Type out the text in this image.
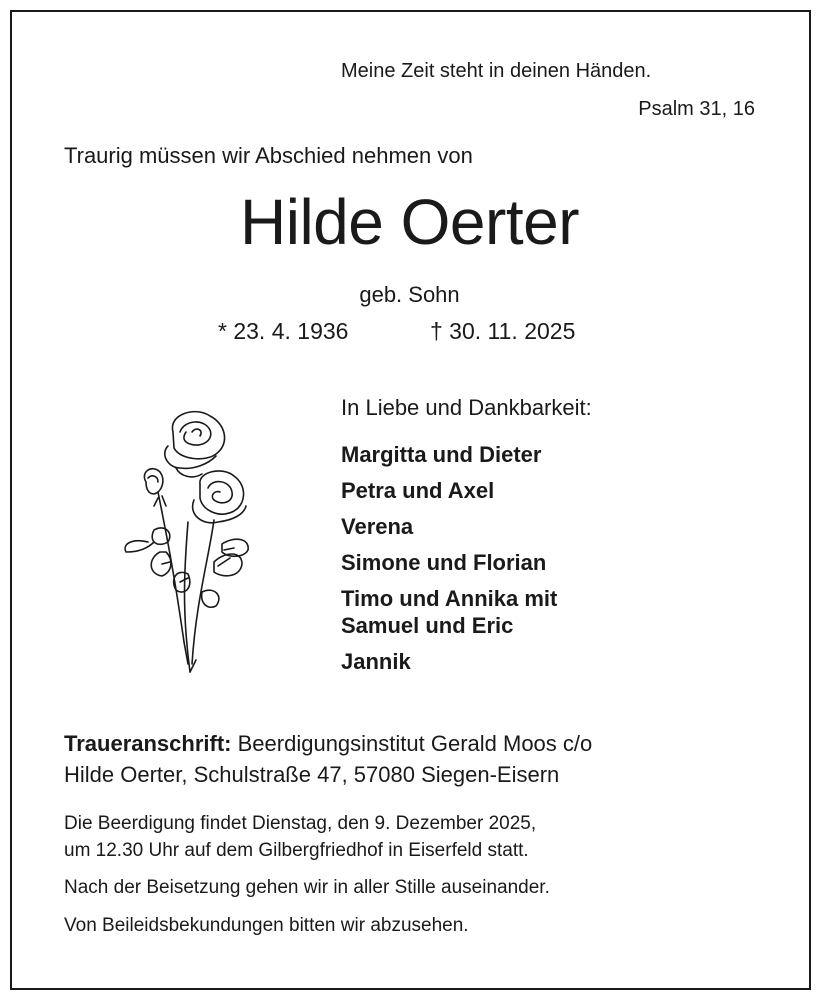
Meine Zeit steht in deinen Händen.
Psalm 31, 16
Traurig müssen wir Abschied nehmen von
Hilde Oerter
geb. Sohn
* 23. 4. 1936	† 30. 11. 2025
In Liebe und Dankbarkeit:
Margitta und Dieter
Petra und Axel
Verena
Simone und Florian
Timo und Annika mit
Samuel und Eric
Jannik
Traueranschrift: Beerdigungsinstitut Gerald Moos c/o
Hilde Oerter, Schulstraße 47, 57080 Siegen-Eisern
Die Beerdigung findet Dienstag, den 9. Dezember 2025,
um 12.30 Uhr auf dem Gilbergfriedhof in Eiserfeld statt.
Nach der Beisetzung gehen wir in aller Stille auseinander.
Von Beileidsbekundungen bitten wir abzusehen.
